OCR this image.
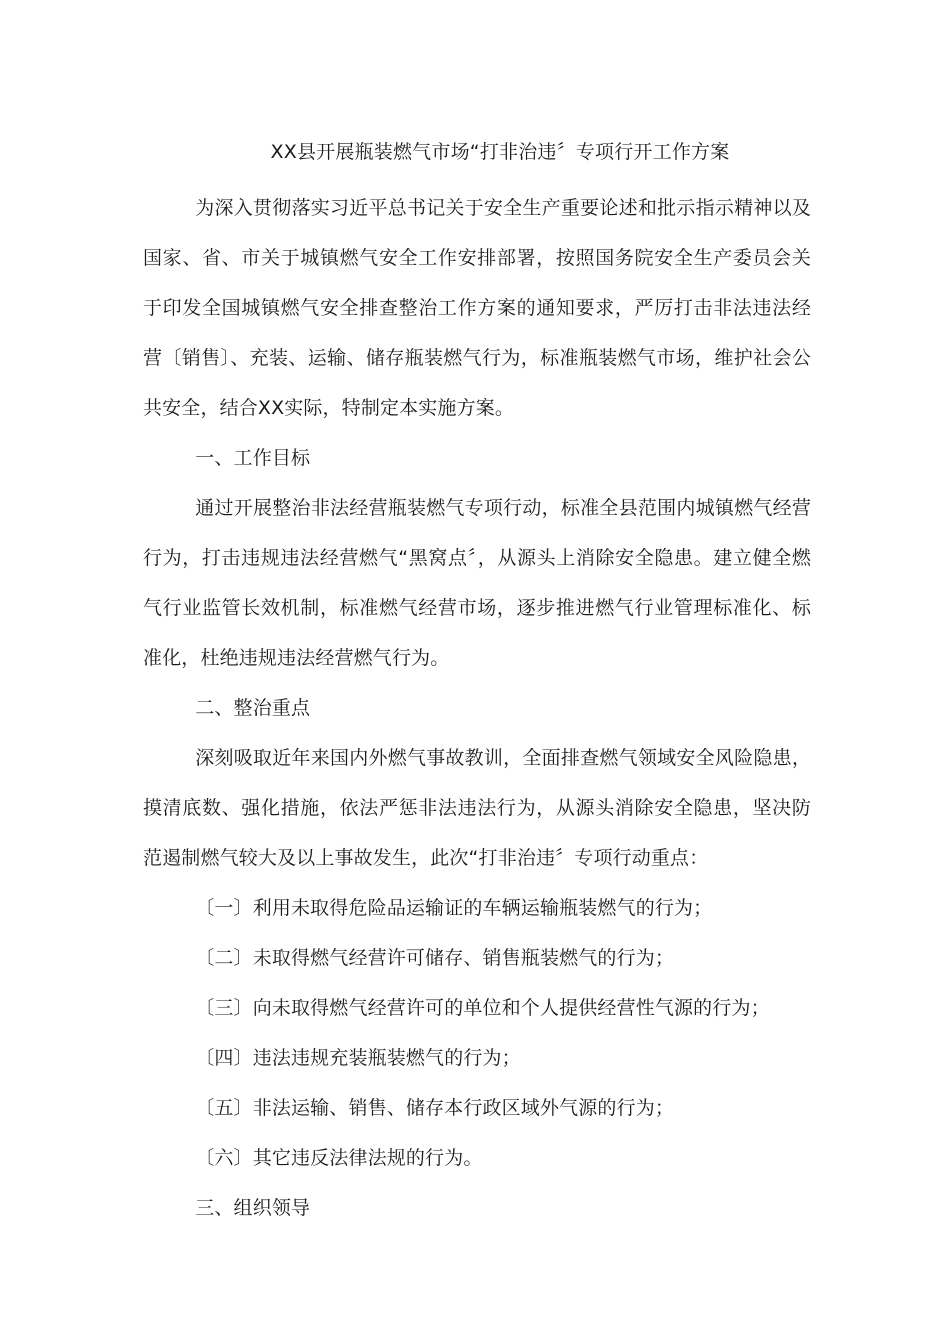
XX县开展瓶装燃气市场“打非治违〞专项行开工作方案

为深入贯彻落实习近平总书记关于安全生产重要论述和批示指示精神以及国家、省、市关于城镇燃气安全工作安排部署，按照国务院安全生产委员会关于印发全国城镇燃气安全排查整治工作方案的通知要求，严厉打击非法违法经营〔销售〕、充装、运输、储存瓶装燃气行为，标准瓶装燃气市场，维护社会公共安全，结合XX实际，特制定本实施方案。

一、工作目标

通过开展整治非法经营瓶装燃气专项行动，标准全县范围内城镇燃气经营行为，打击违规违法经营燃气“黑窝点〞，从源头上消除安全隐患。建立健全燃气行业监管长效机制，标准燃气经营市场，逐步推进燃气行业管理标准化、标准化，杜绝违规违法经营燃气行为。

二、整治重点

深刻吸取近年来国内外燃气事故教训，全面排查燃气领域安全风险隐患，摸清底数、强化措施，依法严惩非法违法行为，从源头消除安全隐患，坚决防范遏制燃气较大及以上事故发生，此次“打非治违〞专项行动重点：

〔一〕利用未取得危险品运输证的车辆运输瓶装燃气的行为；

〔二〕未取得燃气经营许可储存、销售瓶装燃气的行为；

〔三〕向未取得燃气经营许可的单位和个人提供经营性气源的行为；

〔四〕违法违规充装瓶装燃气的行为；

〔五〕非法运输、销售、储存本行政区域外气源的行为；

〔六〕其它违反法律法规的行为。

三、组织领导
